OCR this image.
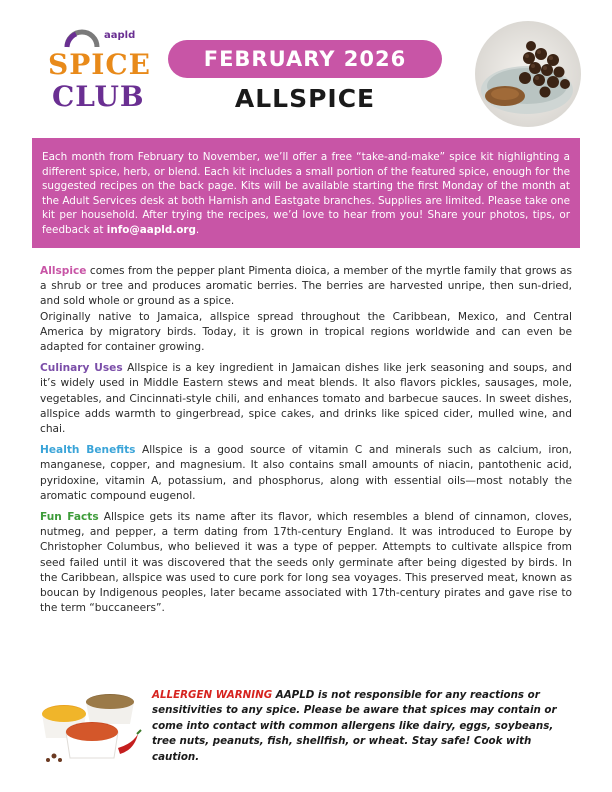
aapld
SPICE
CLUB
FEBRUARY 2026
ALLSPICE
Each month from February to November, we’ll offer a free “take-and-make” spice kit highlighting a different spice, herb, or blend. Each kit includes a small portion of the featured spice, enough for the suggested recipes on the back page. Kits will be available starting the first Monday of the month at the Adult Services desk at both Harnish and Eastgate branches. Supplies are limited. Please take one kit per household. After trying the recipes, we’d love to hear from you! Share your photos, tips, or feedback at info@aapld.org.

Allspice comes from the pepper plant Pimenta dioica, a member of the myrtle family that grows as a shrub or tree and produces aromatic berries. The berries are harvested unripe, then sun-dried, and sold whole or ground as a spice.
Originally native to Jamaica, allspice spread throughout the Caribbean, Mexico, and Central America by migratory birds. Today, it is grown in tropical regions worldwide and can even be adapted for container growing.

Culinary Uses Allspice is a key ingredient in Jamaican dishes like jerk seasoning and soups, and it’s widely used in Middle Eastern stews and meat blends. It also flavors pickles, sausages, mole, vegetables, and Cincinnati-style chili, and enhances tomato and barbecue sauces. In sweet dishes, allspice adds warmth to gingerbread, spice cakes, and drinks like spiced cider, mulled wine, and chai.

Health Benefits Allspice is a good source of vitamin C and minerals such as calcium, iron, manganese, copper, and magnesium. It also contains small amounts of niacin, pantothenic acid, pyridoxine, vitamin A, potassium, and phosphorus, along with essential oils—most notably the aromatic compound eugenol.

Fun Facts Allspice gets its name after its flavor, which resembles a blend of cinnamon, cloves, nutmeg, and pepper, a term dating from 17th-century England. It was introduced to Europe by Christopher Columbus, who believed it was a type of pepper. Attempts to cultivate allspice from seed failed until it was discovered that the seeds only germinate after being digested by birds. In the Caribbean, allspice was used to cure pork for long sea voyages. This preserved meat, known as boucan by Indigenous peoples, later became associated with 17th-century pirates and gave rise to the term “buccaneers”.

ALLERGEN WARNING AAPLD is not responsible for any reactions or sensitivities to any spice. Please be aware that spices may contain or come into contact with common allergens like dairy, eggs, soybeans, tree nuts, peanuts, fish, shellfish, or wheat. Stay safe! Cook with caution.
